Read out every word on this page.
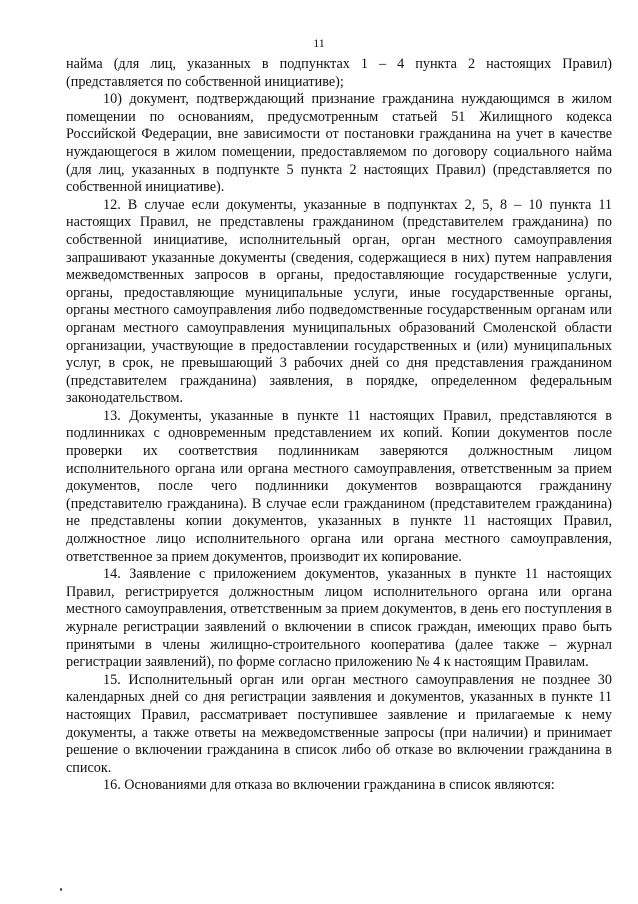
11

найма (для лиц, указанных в подпунктах 1 – 4 пункта 2 настоящих Правил) (представляется по собственной инициативе);

10) документ, подтверждающий признание гражданина нуждающимся в жилом помещении по основаниям, предусмотренным статьей 51 Жилищного кодекса Российской Федерации, вне зависимости от постановки гражданина на учет в качестве нуждающегося в жилом помещении, предоставляемом по договору социального найма (для лиц, указанных в подпункте 5 пункта 2 настоящих Правил) (представляется по собственной инициативе).

12. В случае если документы, указанные в подпунктах 2, 5, 8 – 10 пункта 11 настоящих Правил, не представлены гражданином (представителем гражданина) по собственной инициативе, исполнительный орган, орган местного самоуправления запрашивают указанные документы (сведения, содержащиеся в них) путем направления межведомственных запросов в органы, предоставляющие государственные услуги, органы, предоставляющие муниципальные услуги, иные государственные органы, органы местного самоуправления либо подведомственные государственным органам или органам местного самоуправления муниципальных образований Смоленской области организации, участвующие в предоставлении государственных и (или) муниципальных услуг, в срок, не превышающий 3 рабочих дней со дня представления гражданином (представителем гражданина) заявления, в порядке, определенном федеральным законодательством.

13. Документы, указанные в пункте 11 настоящих Правил, представляются в подлинниках с одновременным представлением их копий. Копии документов после проверки их соответствия подлинникам заверяются должностным лицом исполнительного органа или органа местного самоуправления, ответственным за прием документов, после чего подлинники документов возвращаются гражданину (представителю гражданина). В случае если гражданином (представителем гражданина) не представлены копии документов, указанных в пункте 11 настоящих Правил, должностное лицо исполнительного органа или органа местного самоуправления, ответственное за прием документов, производит их копирование.

14. Заявление с приложением документов, указанных в пункте 11 настоящих Правил, регистрируется должностным лицом исполнительного органа или органа местного самоуправления, ответственным за прием документов, в день его поступления в журнале регистрации заявлений о включении в список граждан, имеющих право быть принятыми в члены жилищно-строительного кооператива (далее также – журнал регистрации заявлений), по форме согласно приложению № 4 к настоящим Правилам.

15. Исполнительный орган или орган местного самоуправления не позднее 30 календарных дней со дня регистрации заявления и документов, указанных в пункте 11 настоящих Правил, рассматривает поступившее заявление и прилагаемые к нему документы, а также ответы на межведомственные запросы (при наличии) и принимает решение о включении гражданина в список либо об отказе во включении гражданина в список.

16. Основаниями для отказа во включении гражданина в список являются:
